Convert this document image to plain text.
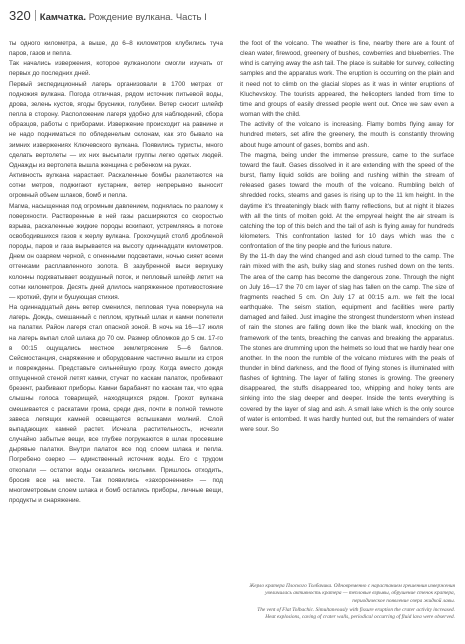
320 Камчатка. Рождение вулкана. Часть I

ты одного километра, а выше, до 6–8 километров клубились туча паров, газов и пепла.

Так начались извержения, которое вулканологи смогли изучать от первых до последних дней.

Первый экспедиционный лагерь организовали в 1700 метрах от подножия вулкана. Погода отличная, рядом источник питьевой воды, дрова, зелень кустов, ягоды брусники, голубики. Ветер сносит шлейф пепла в сторону. Расположение лагеря удобно для наблюдений, сбора образцов, работы с приборами. Извержение происходит на равнине и не надо подниматься по обледенелым склонам, как это бывало на зимних извержениях Ключевского вулкана. Появились туристы, много сделать вертолеты — их них высыпали группы легко одетых людей. Однажды из вертолета вышла женщина с ребенком на руках.

Активность вулкана нарастает. Раскаленные бомбы разлетаются на сотни метров, поджигают кустарник, ветер непрерывно выносит огромный объем шлаков, бомб и пепла.

Магма, насыщенная под огромным давлением, поднялась по разлому к поверхности. Растворенные в ней газы расширяются со скоростью взрыва, раскаленные жидкие породы вскипают, устремляясь в потоке освободившихся газов к жерлу вулкана. Грохочущий столб дробленой породы, паров и газа вырывается на высоту одиннадцати километров. Днем он озаряем черной, с огненными подсветами, ночью сияет всеми оттенками расплавленного золота. В зазубренной выси верхушку колонны подхватывает воздушный поток, и пепловый шлейф летит на сотни километров. Десять дней длилось напряженное противостояние — кроткий, фуги и бушующая стихия.

На одиннадцатый день ветер сменился, пепловая туча повернула на лагерь. Дождь, смешанный с пеплом, крупный шлак и камни полетели на палатки. Район лагеря стал опасной зоной. В ночь на 16—17 июля на лагерь выпал слой шлака до 70 см. Размер обломков до 5 см. 17-го в 00:15 ощущались местное землетрясение 5—6 баллов. Сейсмостанция, снаряжение и оборудование частично вышли из строя и повреждены. Представьте сильнейшую грозу. Когда вместо дождя отпущенной стеной летят камни, стучат по каскам палаток, пробивают брезент, разбивают приборы. Камни барабанят по каскам так, что едва слышны голоса товарищей, находящихся рядом. Грохот вулкана смешивается с раскатами грома, среди дня, почти в полной темноте завеса лепящих камней освещается вспышками молний. Слой выпадающих камней растет. Исчезла растительность, исчезли случайно забытые вещи, все глубже погружаются в шлак просевшие дырявые палатки. Внутри палаток все под слоем шлака и пепла. Погребено озерко — единственный источник воды. Его с трудом откопали — остатки воды оказались кислыми. Пришлось отходить, бросив все на месте. Так появились «захороненния» — под многометровым слоем шлака и бомб остались приборы, личные вещи, продукты и снаряжение.

the foot of the volcano. The weather is fine, nearby there are a fount of clean water, firewood, greenery of bushes, cowberries and blueberries. The wind is carrying away the ash tail. The place is suitable for survey, collecting samples and the apparatus work. The eruption is occurring on the plain and it need not to climb on the glacial slopes as it was in winter eruptions of Kluchevskoy. The tourists appeared, the helicopters landed from time to time and groups of easily dressed people went out. Once we saw even a woman with the child.

The activity of the volcano is increasing. Flamy bombs flying away for hundred meters, set afire the greenery, the mouth is constantly throwing about huge amount of gases, bombs and ash.

The magma, being under the immense pressure, came to the surface toward the fault. Gases dissolved in it are extending with the speed of the burst, flamy liquid solids are boiling and rushing within the stream of released gases toward the mouth of the volcano. Rumbling belch of shredded rocks, steams and gases is rising up to the 11 km height. In the daytime it's threateningly black with flamy reflections, but at night it blazes with all the tints of molten gold. At the empyreal height the air stream is catching the top of this belch and the tail of ash is flying away for hundreds kilometers. This confrontation lasted for 10 days which was the c confrontation of the tiny people and the furious nature.

By the 11-th day the wind changed and ash cloud turned to the camp. The rain mixed with the ash, bulky slag and stones rushed down on the tents. The area of the camp has become the dangerous zone. Through the night on July 16—17 the 70 cm layer of slag has fallen on the camp. The size of fragments reached 5 cm. On July 17 at 00:15 a.m. we felt the local earthquake. The seism station, equipment and facilities were partly damaged and failed. Just imagine the strongest thunderstorm when instead of rain the stones are falling down like the blank wall, knocking on the framework of the tents, breaching the canvas and breaking the apparatus. The stones are drumming upon the helmets so loud that we hardly hear one another. In the noon the rumble of the volcano mixtures with the peals of thunder in blind darkness, and the flood of flying stones is illuminated with flashes of lightning. The layer of falling stones is growing. The greenery disappeared, the stuffs disappeared too, whipping and holey tents are sinking into the slag deeper and deeper. Inside the tents everything is covered by the layer of slag and ash. A small lake which is the only source of water is entombed. It was hardly hunted out, but the remainders of water were sour. So

Жерло кратера Плоского Толбачика. Одновременно с нарастанием грешенния извержения увеличилась активность кратера — тепловые взрывы, обрушение стенок кратера, периодическое появление озера жидкой лавы.

The vent of Flat Tolbachic. Simultaneously with fissure eruption the crater activity increased. Heat explosions, caving of crater walls, periodical occurring of fluid lava were observed.
